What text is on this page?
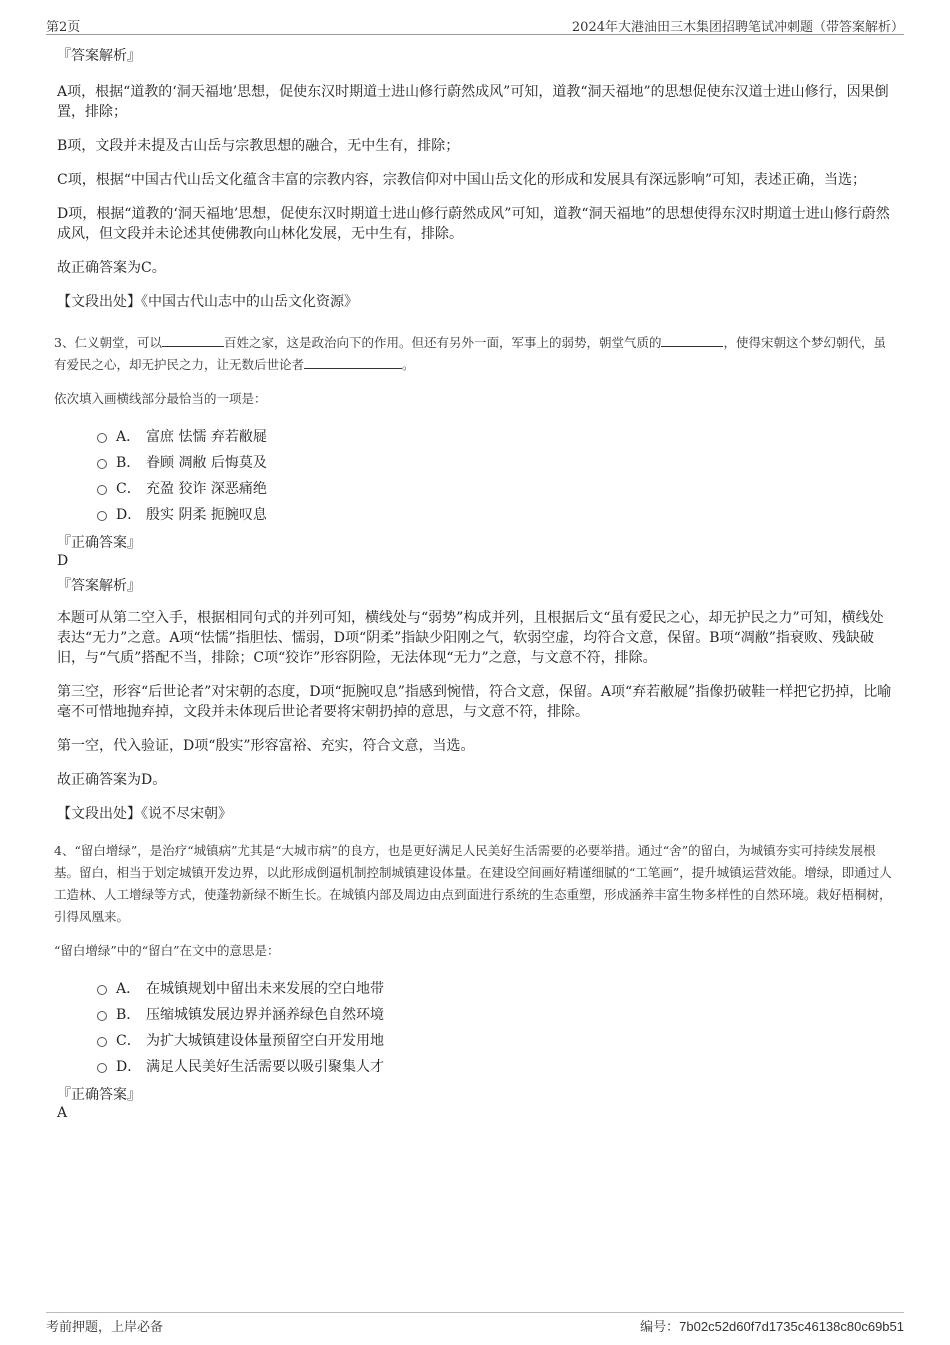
第2页	2024年大港油田三木集团招聘笔试冲刺题（带答案解析）
『答案解析』
A项，根据“道教的‘洞天福地’思想，促使东汉时期道士进山修行蔚然成风”可知，道教“洞天福地”的思想促使东汉道士进山修行，因果倒置，排除；
B项，文段并未提及古山岳与宗教思想的融合，无中生有，排除；
C项，根据“中国古代山岳文化蕴含丰富的宗教内容，宗教信仰对中国山岳文化的形成和发展具有深远影响”可知，表述正确，当选；
D项，根据“道教的‘洞天福地’思想，促使东汉时期道士进山修行蔚然成风”可知，道教“洞天福地”的思想使得东汉时期道士进山修行蔚然成风，但文段并未论述其使佛教向山林化发展，无中生有，排除。
故正确答案为C。
【文段出处】《中国古代山志中的山岳文化资源》
3、仁义朝堂，可以	百姓之家，这是政治向下的作用。但还有另外一面，军事上的弱势，朝堂气质的	，使得宋朝这个梦幻朝代，虽有爱民之心，却无护民之力，让无数后世论者	。
依次填入画横线部分最恰当的一项是：
A． 富庶 怯懦 弃若敝屣
B． 眷顾 凋敝 后悔莫及
C． 充盈 狡诈 深恶痛绝
D． 殷实 阴柔 扼腕叹息
『正确答案』
D
『答案解析』
本题可从第二空入手，根据相同句式的并列可知，横线处与“弱势”构成并列，且根据后文“虽有爱民之心，却无护民之力”可知，横线处表达“无力”之意。A项“怯懦”指胆怯、懦弱，D项“阴柔”指缺少阳刚之气，软弱空虚，均符合文意，保留。B项“凋敝”指衰败、残缺破旧，与“气质”搭配不当，排除；C项“狡诈”形容阴险，无法体现“无力”之意，与文意不符，排除。
第三空，形容“后世论者”对宋朝的态度，D项“扼腕叹息”指感到惋惜，符合文意，保留。A项“弃若敝屣”指像扔破鞋一样把它扔掉，比喻毫不可惜地抛弃掉，文段并未体现后世论者要将宋朝扔掉的意思，与文意不符，排除。
第一空，代入验证，D项“殷实”形容富裕、充实，符合文意，当选。
故正确答案为D。
【文段出处】《说不尽宋朝》
4、“留白增绿”，是治疗“城镇病”尤其是“大城市病”的良方，也是更好满足人民美好生活需要的必要举措。通过“舍”的留白，为城镇夯实可持续发展根基。留白，相当于划定城镇开发边界，以此形成倒逼机制控制城镇建设体量。在建设空间画好精谨细腻的“工笔画”，提升城镇运营效能。增绿，即通过人工造林、人工增绿等方式，使蓬勃新绿不断生长。在城镇内部及周边由点到面进行系统的生态重塑，形成涵养丰富生物多样性的自然环境。栽好梧桐树，引得凤凰来。
“留白增绿”中的“留白”在文中的意思是：
A． 在城镇规划中留出未来发展的空白地带
B． 压缩城镇发展边界并涵养绿色自然环境
C． 为扩大城镇建设体量预留空白开发用地
D． 满足人民美好生活需要以吸引聚集人才
『正确答案』
A
考前押题，上岸必备	编号：7b02c52d60f7d1735c46138c80c69b51
